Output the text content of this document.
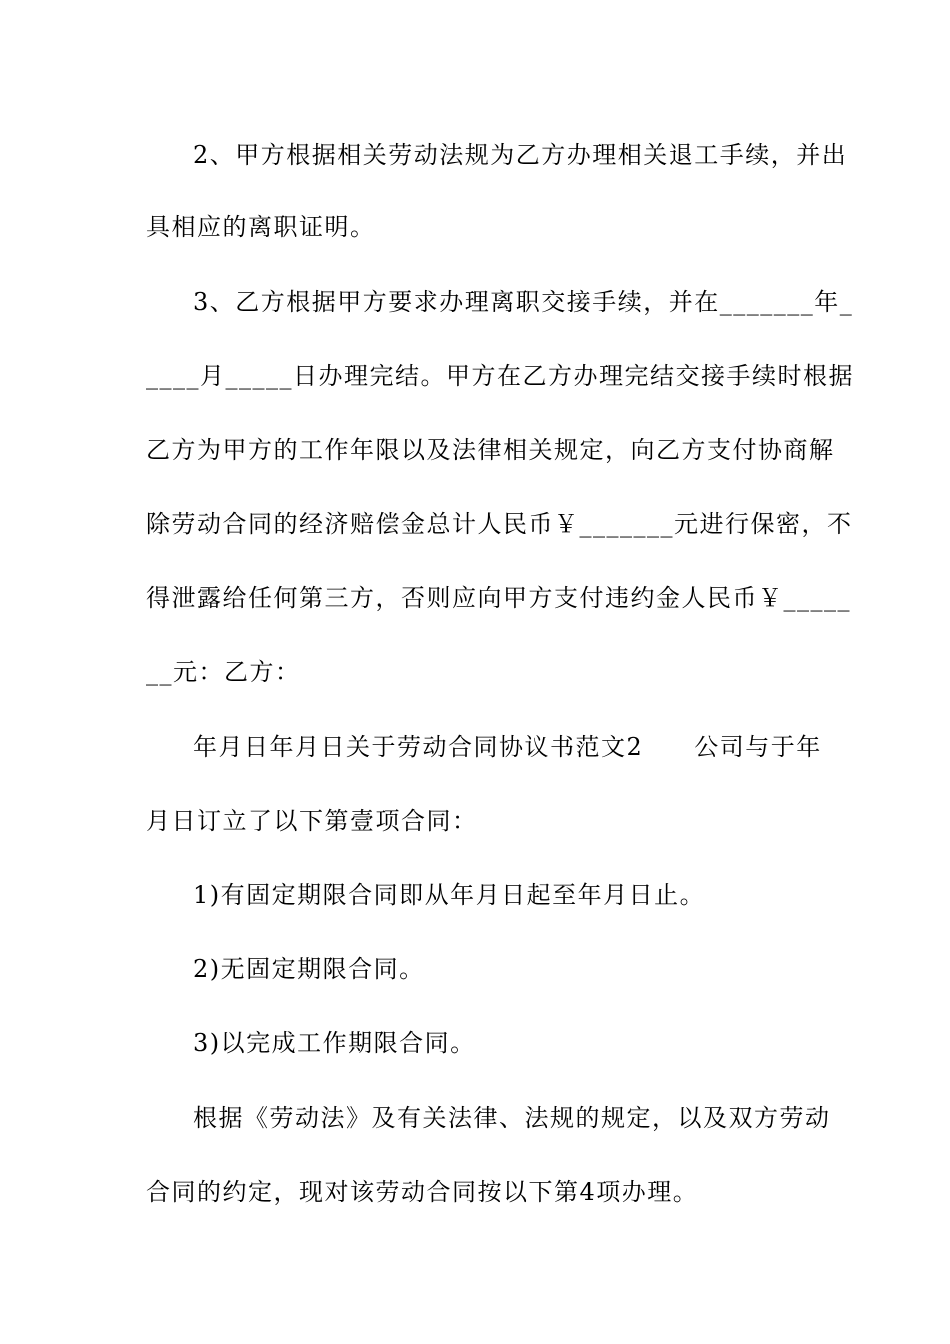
2、甲方根据相关劳动法规为乙方办理相关退工手续，并出
具相应的离职证明。
3、乙方根据甲方要求办理离职交接手续，并在_______年_
____月_____日办理完结。甲方在乙方办理完结交接手续时根据
乙方为甲方的工作年限以及法律相关规定，向乙方支付协商解
除劳动合同的经济赔偿金总计人民币￥_______元进行保密，不
得泄露给任何第三方，否则应向甲方支付违约金人民币￥_____
__元：乙方：
年月日年月日关于劳动合同协议书范文2　　公司与于年
月日订立了以下第壹项合同：
1)有固定期限合同即从年月日起至年月日止。
2)无固定期限合同。
3)以完成工作期限合同。
根据《劳动法》及有关法律、法规的规定，以及双方劳动
合同的约定，现对该劳动合同按以下第4项办理。
